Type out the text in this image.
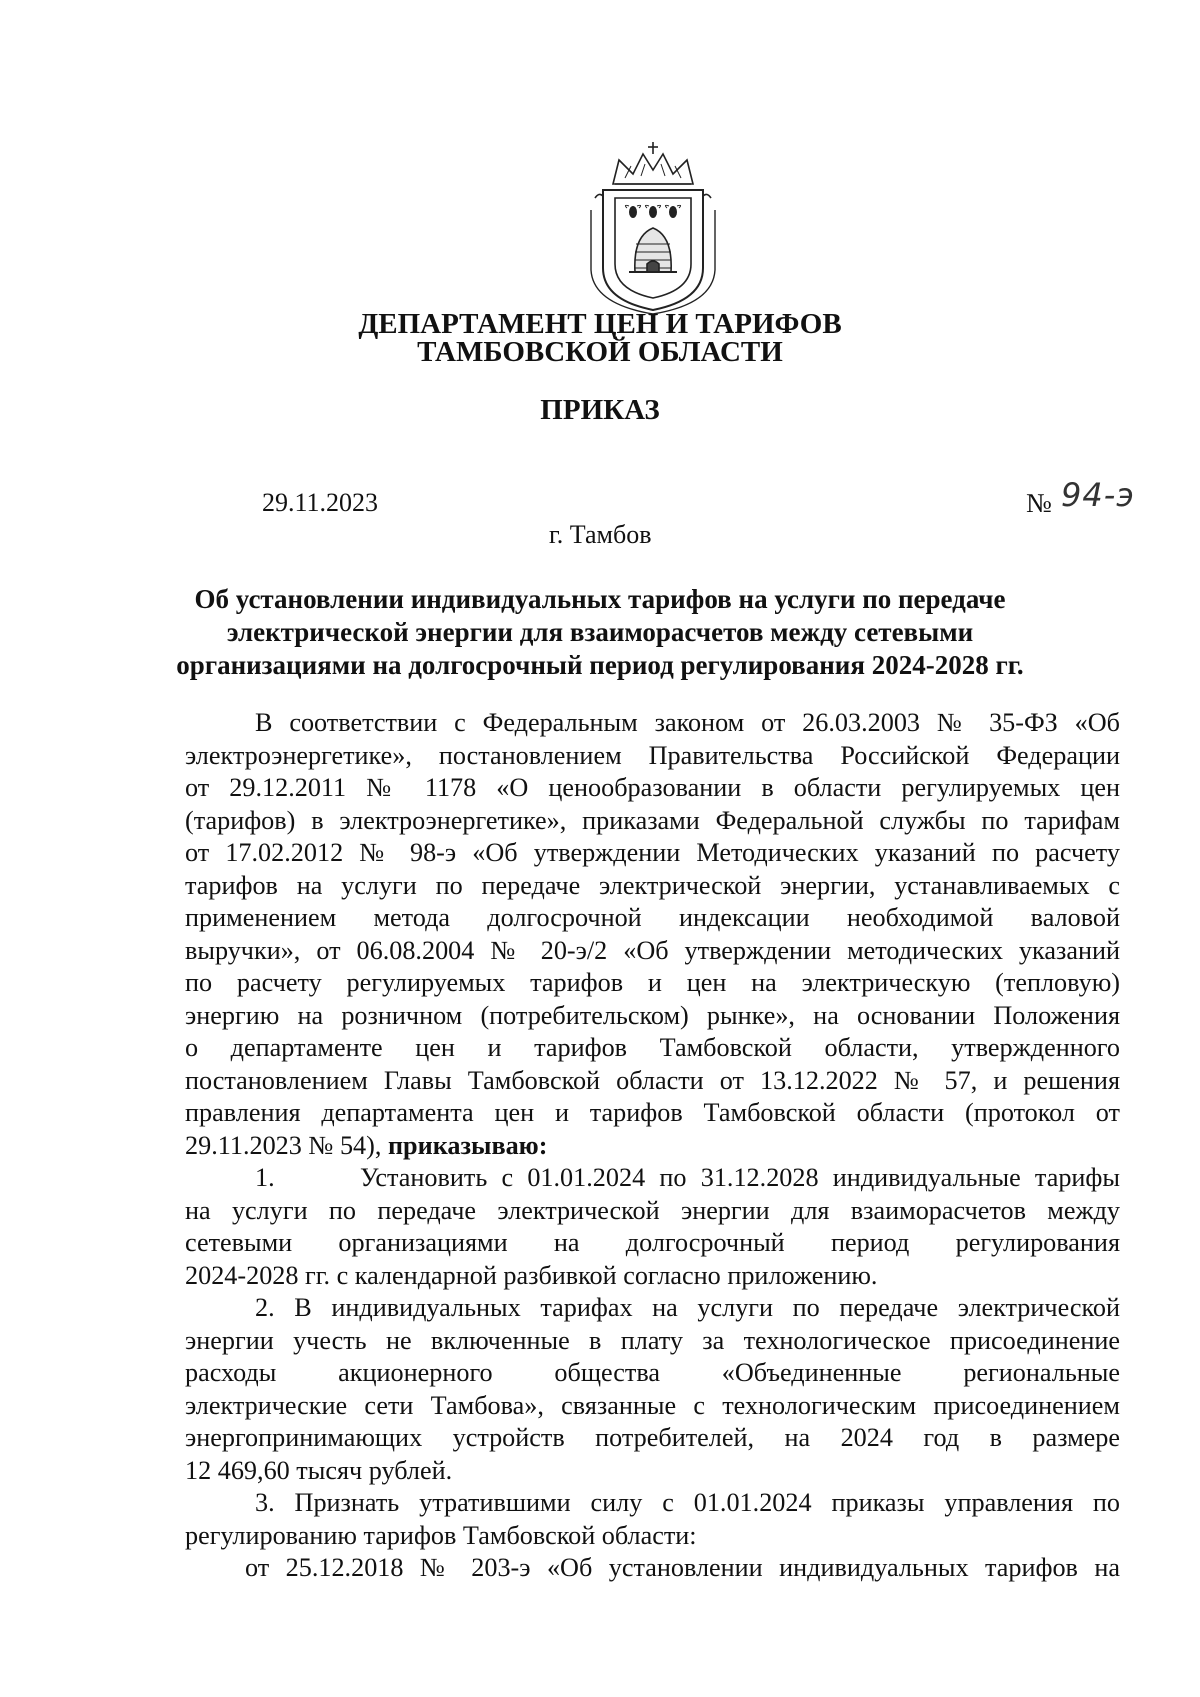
ДЕПАРТАМЕНТ ЦЕН И ТАРИФОВ
ТАМБОВСКОЙ ОБЛАСТИ
ПРИКАЗ
29.11.2023	№ 94-э
г. Тамбов
Об установлении индивидуальных тарифов на услуги по передаче
электрической энергии для взаиморасчетов между сетевыми
организациями на долгосрочный период регулирования 2024-2028 гг.
В соответствии с Федеральным законом от 26.03.2003 № 35-ФЗ «Об
электроэнергетике», постановлением Правительства Российской Федерации
от 29.12.2011 № 1178 «О ценообразовании в области регулируемых цен
(тарифов) в электроэнергетике», приказами Федеральной службы по тарифам
от 17.02.2012 № 98-э «Об утверждении Методических указаний по расчету
тарифов на услуги по передаче электрической энергии, устанавливаемых с
применением метода долгосрочной индексации необходимой валовой
выручки», от 06.08.2004 № 20-э/2 «Об утверждении методических указаний
по расчету регулируемых тарифов и цен на электрическую (тепловую)
энергию на розничном (потребительском) рынке», на основании Положения
о департаменте цен и тарифов Тамбовской области, утвержденного
постановлением Главы Тамбовской области от 13.12.2022 № 57, и решения
правления департамента цен и тарифов Тамбовской области (протокол от
29.11.2023 № 54), приказываю:
1.      Установить с 01.01.2024 по 31.12.2028 индивидуальные тарифы
на услуги по передаче электрической энергии для взаиморасчетов между
сетевыми организациями на долгосрочный период регулирования
2024-2028 гг. с календарной разбивкой согласно приложению.
2. В индивидуальных тарифах на услуги по передаче электрической
энергии учесть не включенные в плату за технологическое присоединение
расходы акционерного общества «Объединенные региональные
электрические сети Тамбова», связанные с технологическим присоединением
энергопринимающих устройств потребителей, на 2024 год в размере
12 469,60 тысяч рублей.
3. Признать утратившими силу с 01.01.2024 приказы управления по
регулированию тарифов Тамбовской области:
от 25.12.2018 № 203-э «Об установлении индивидуальных тарифов на
